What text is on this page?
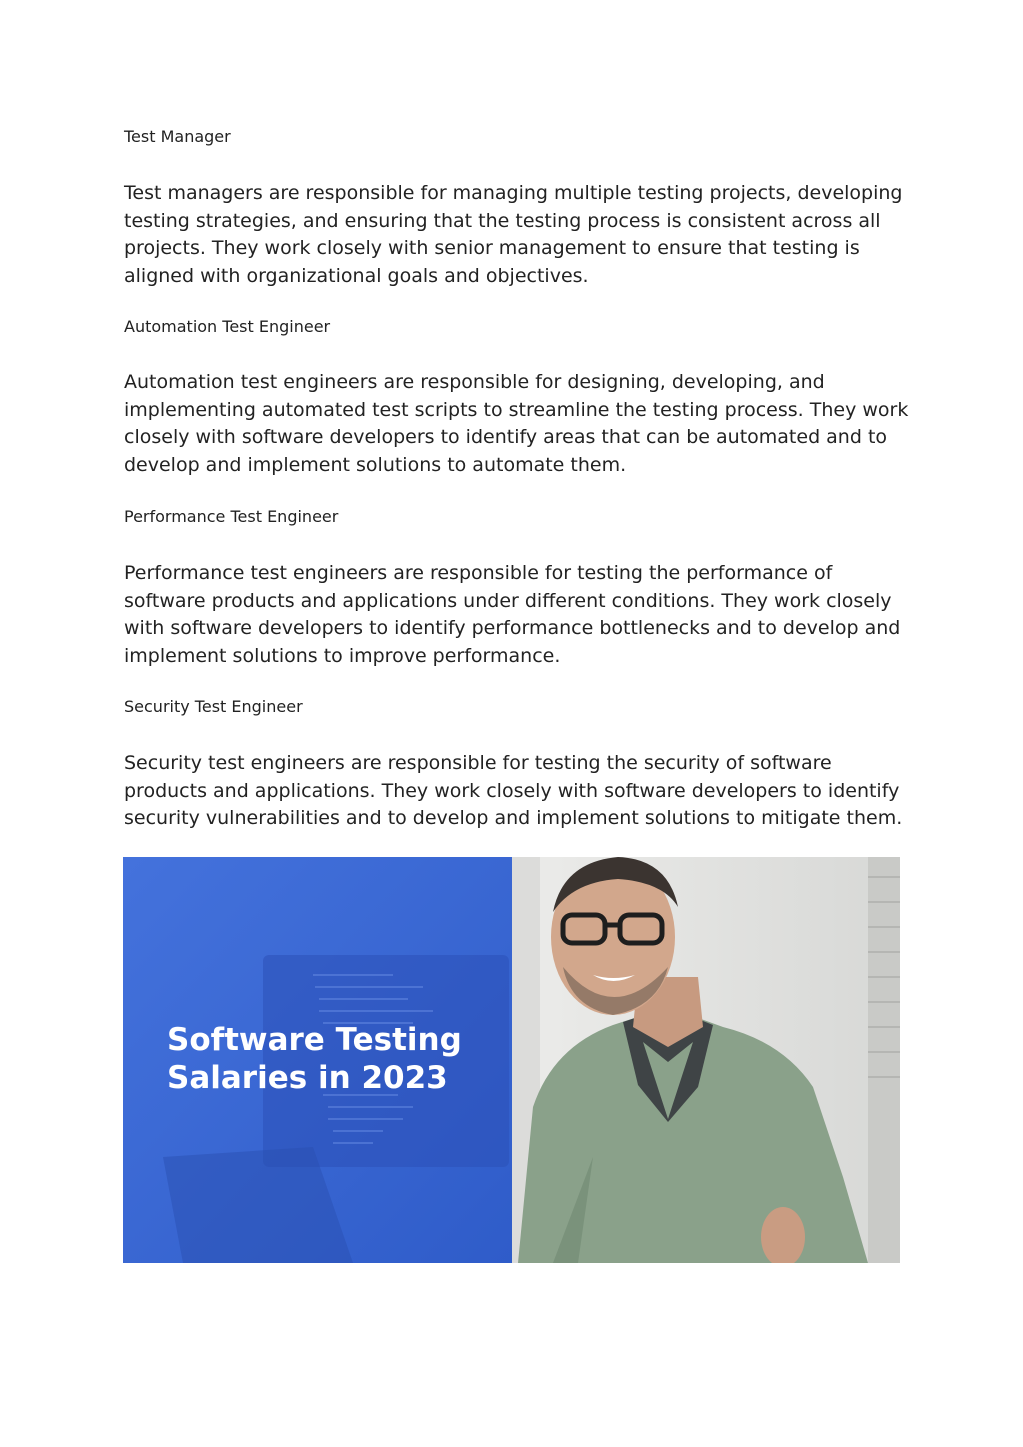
Test Manager

Test managers are responsible for managing multiple testing projects, developing testing strategies, and ensuring that the testing process is consistent across all projects. They work closely with senior management to ensure that testing is aligned with organizational goals and objectives.

Automation Test Engineer

Automation test engineers are responsible for designing, developing, and implementing automated test scripts to streamline the testing process. They work closely with software developers to identify areas that can be automated and to develop and implement solutions to automate them.

Performance Test Engineer

Performance test engineers are responsible for testing the performance of software products and applications under different conditions. They work closely with software developers to identify performance bottlenecks and to develop and implement solutions to improve performance.

Security Test Engineer

Security test engineers are responsible for testing the security of software products and applications. They work closely with software developers to identify security vulnerabilities and to develop and implement solutions to mitigate them.

Software Testing
Salaries in 2023
